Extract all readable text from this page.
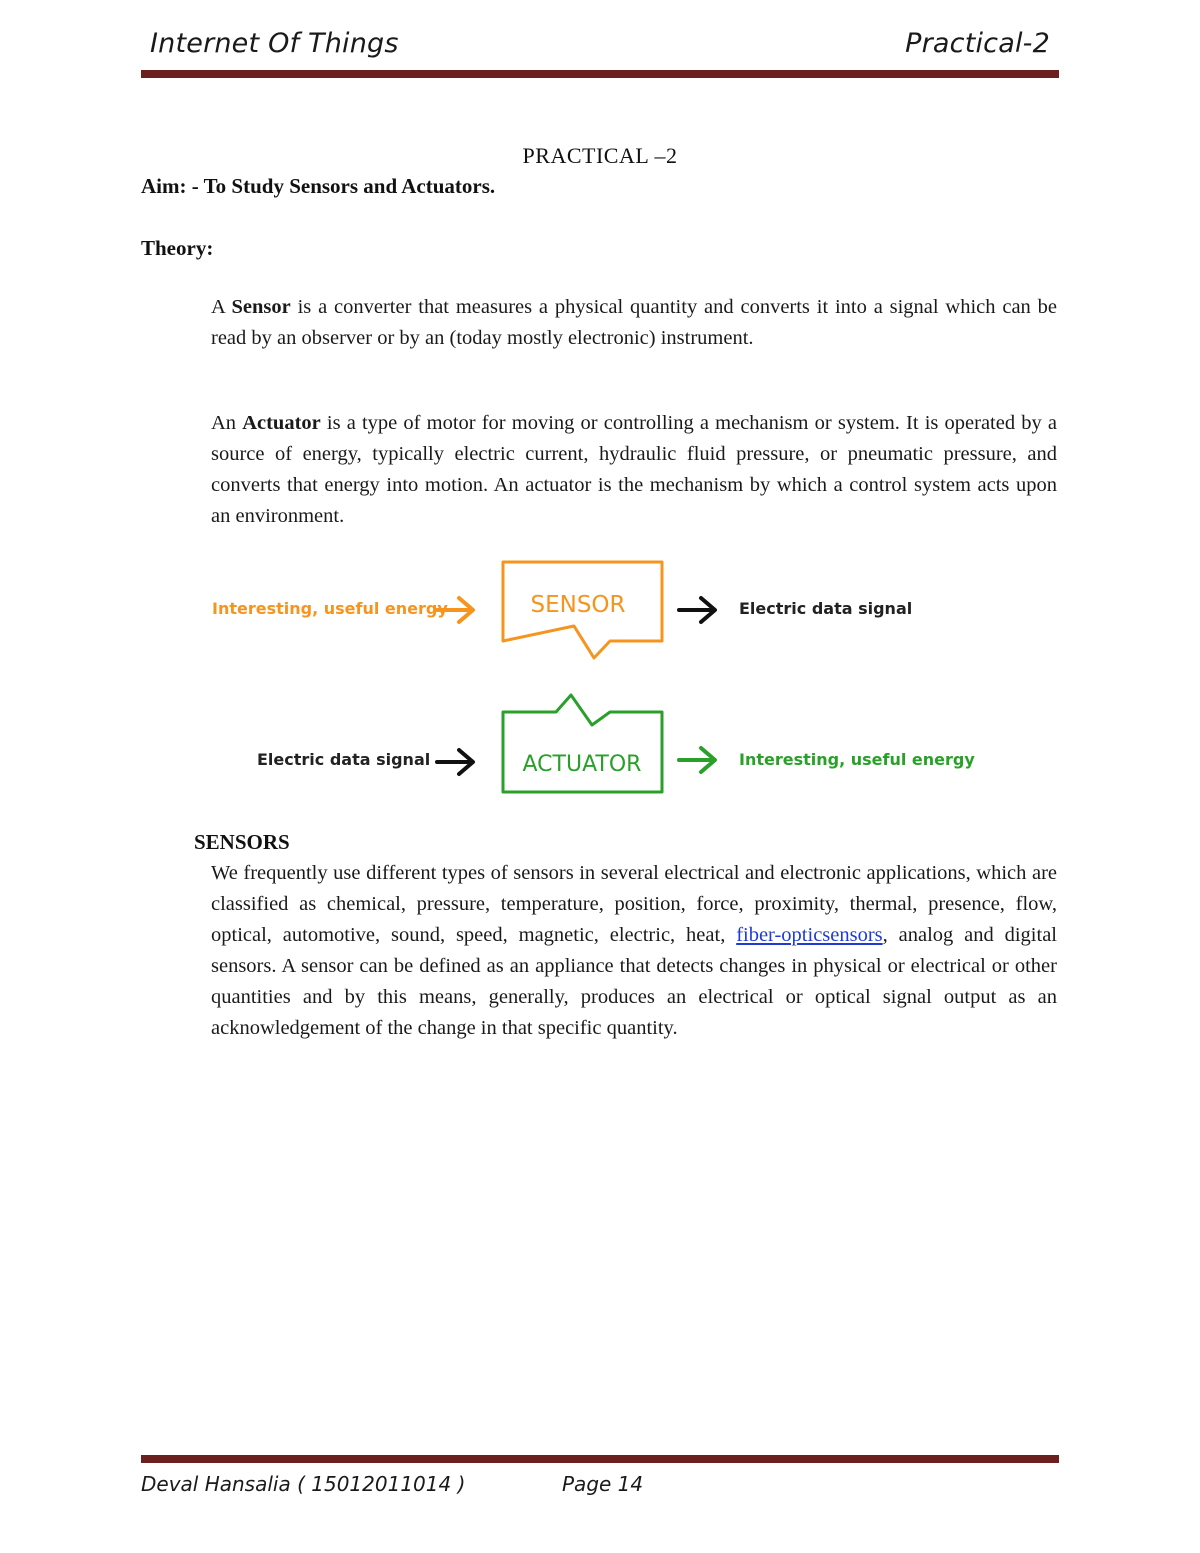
Internet Of Things	Practical-2
PRACTICAL –2
Aim: - To Study Sensors and Actuators.
Theory:
A Sensor is a converter that measures a physical quantity and converts it into a signal which can be read by an observer or by an (today mostly electronic) instrument.
An Actuator is a type of motor for moving or controlling a mechanism or system. It is operated by a source of energy, typically electric current, hydraulic fluid pressure, or pneumatic pressure, and converts that energy into motion. An actuator is the mechanism by which a control system acts upon an environment.
Interesting, useful energy	SENSOR	Electric data signal
Electric data signal	ACTUATOR	Interesting, useful energy
SENSORS
We frequently use different types of sensors in several electrical and electronic applications, which are classified as chemical, pressure, temperature, position, force, proximity, thermal, presence, flow, optical, automotive, sound, speed, magnetic, electric, heat, fiber-opticsensors, analog and digital sensors. A sensor can be defined as an appliance that detects changes in physical or electrical or other quantities and by this means, generally, produces an electrical or optical signal output as an acknowledgement of the change in that specific quantity.
Deval Hansalia ( 15012011014 )	Page 14
